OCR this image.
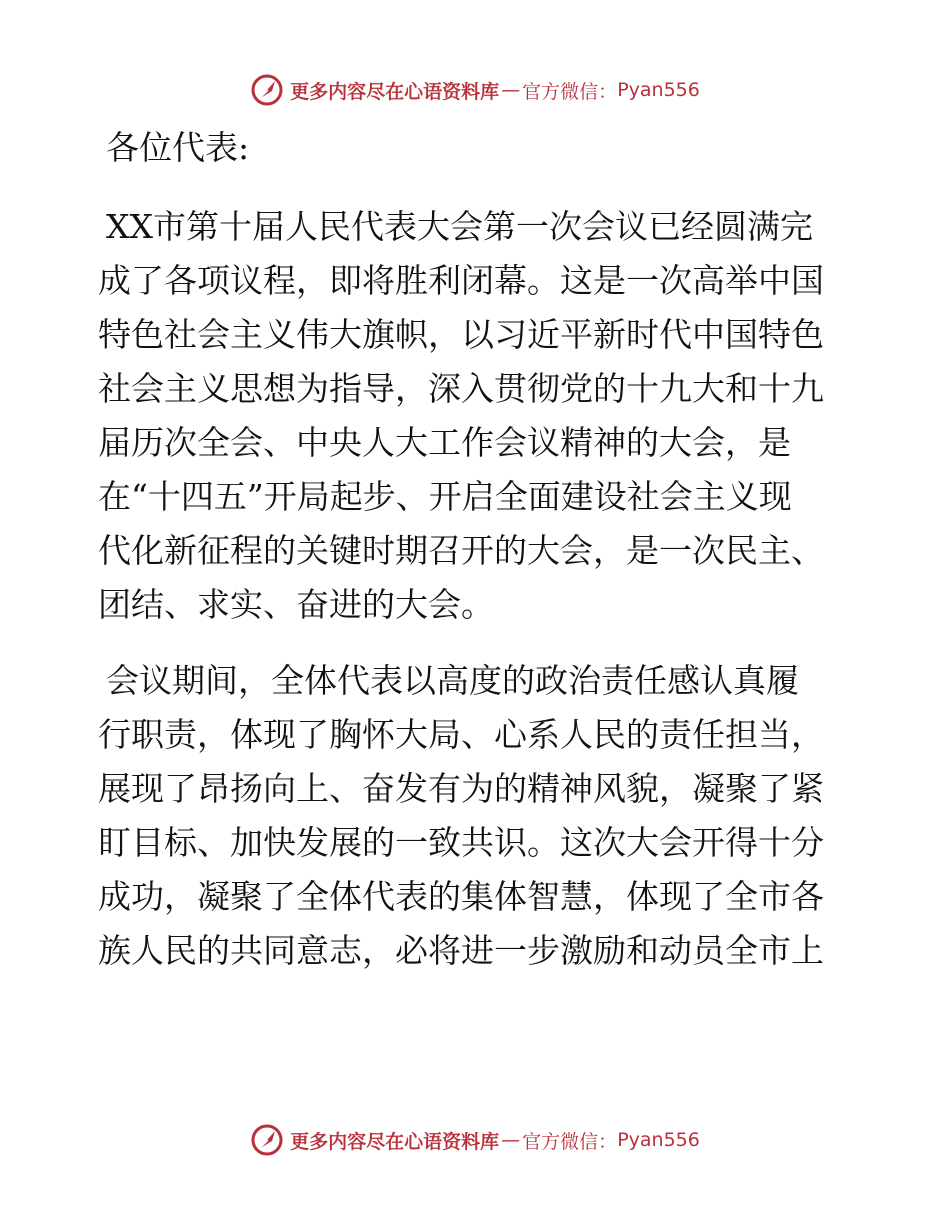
更多内容尽在心语资料库 — 官方微信： Pyan556
各位代表:
XX市第十届人民代表大会第一次会议已经圆满完
成了各项议程，即将胜利闭幕。这是一次高举中国
特色社会主义伟大旗帜，以习近平新时代中国特色
社会主义思想为指导，深入贯彻党的十九大和十九
届历次全会、中央人大工作会议精神的大会，是
在“十四五”开局起步、开启全面建设社会主义现
代化新征程的关键时期召开的大会，是一次民主、
团结、求实、奋进的大会。
会议期间，全体代表以高度的政治责任感认真履
行职责，体现了胸怀大局、心系人民的责任担当，
展现了昂扬向上、奋发有为的精神风貌，凝聚了紧
盯目标、加快发展的一致共识。这次大会开得十分
成功，凝聚了全体代表的集体智慧，体现了全市各
族人民的共同意志，必将进一步激励和动员全市上
更多内容尽在心语资料库 — 官方微信： Pyan556
